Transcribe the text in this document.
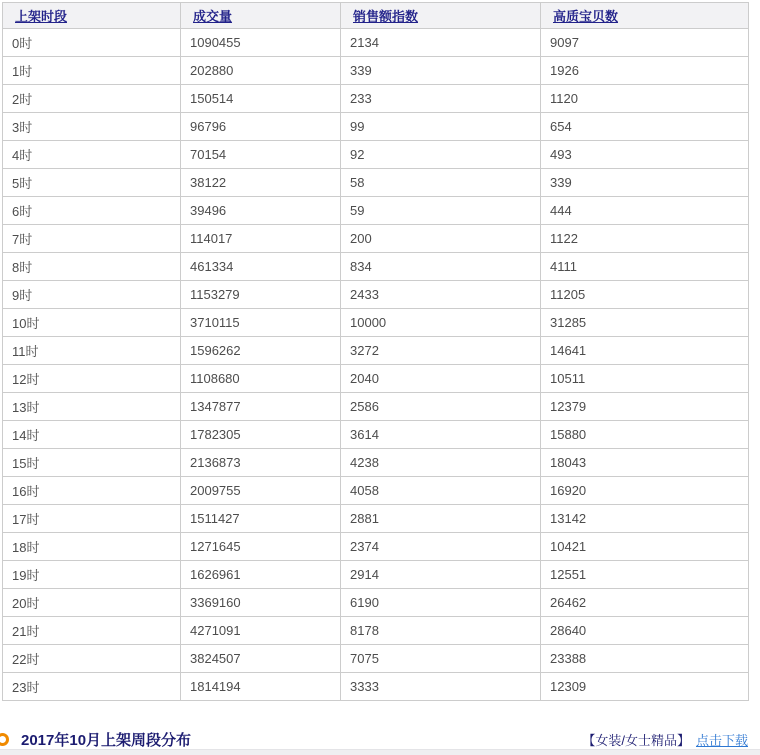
上架时段	成交量	销售额指数	高质宝贝数
0时	1090455	2134	9097
1时	202880	339	1926
2时	150514	233	1120
3时	96796	99	654
4时	70154	92	493
5时	38122	58	339
6时	39496	59	444
7时	114017	200	1122
8时	461334	834	4111
9时	1153279	2433	11205
10时	3710115	10000	31285
11时	1596262	3272	14641
12时	1108680	2040	10511
13时	1347877	2586	12379
14时	1782305	3614	15880
15时	2136873	4238	18043
16时	2009755	4058	16920
17时	1511427	2881	13142
18时	1271645	2374	10421
19时	1626961	2914	12551
20时	3369160	6190	26462
21时	4271091	8178	28640
22时	3824507	7075	23388
23时	1814194	3333	12309
2017年10月上架周段分布	【女装/女士精品】 点击下载
